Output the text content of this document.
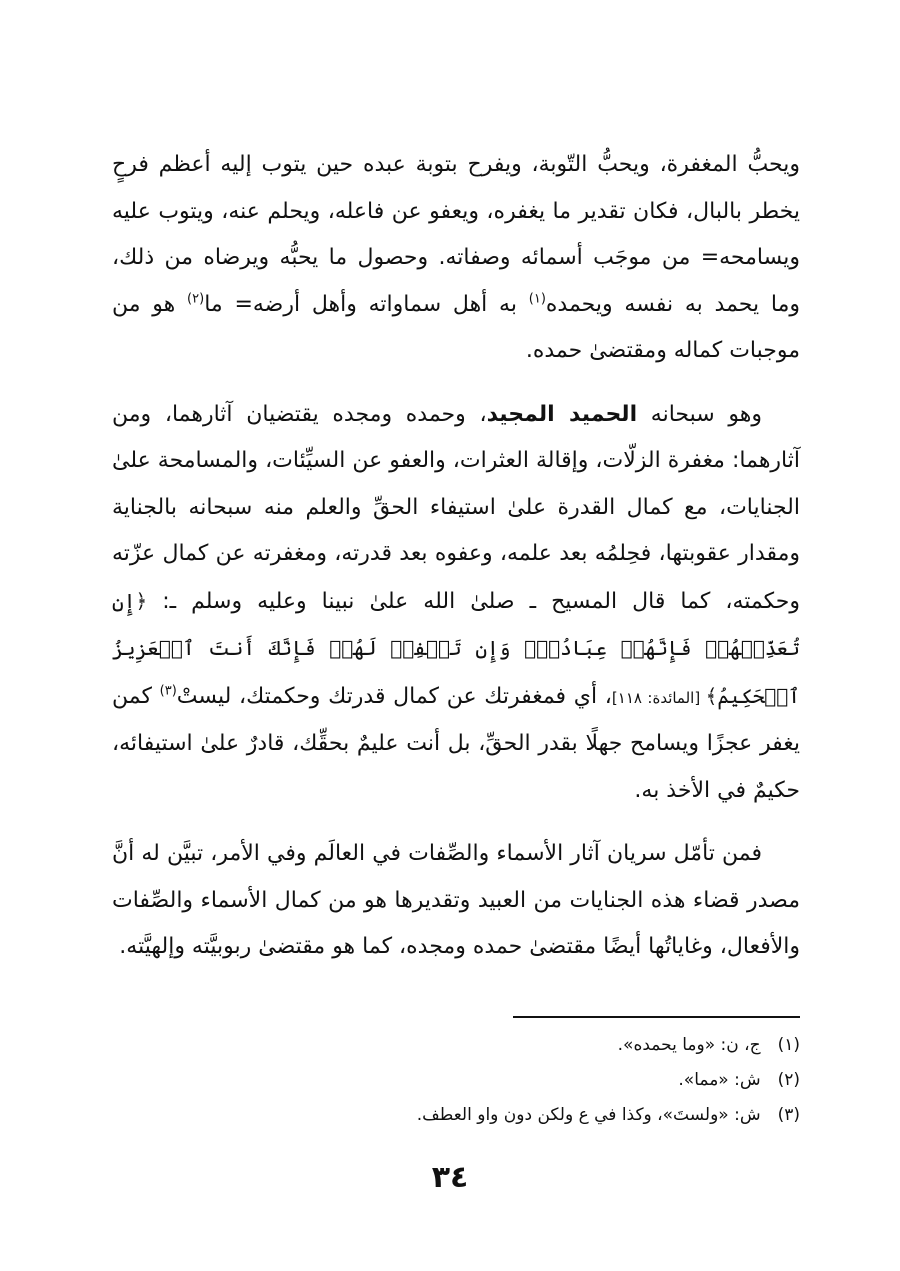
ويحبُّ المغفرة، ويحبُّ التّوبة، ويفرح بتوبة عبده حين يتوب إليه أعظم فرحٍ يخطر بالبال، فكان تقدير ما يغفره، ويعفو عن فاعله، ويحلم عنه، ويتوب عليه ويسامحه= من موجَب أسمائه وصفاته. وحصول ما يحبُّه ويرضاه من ذلك، وما يحمد به نفسه ويحمده$^{(١)}$ به أهل سماواته وأهل أرضه= ما$^{(٢)}$ هو من موجبات كماله ومقتضىٰ حمده.

وهو سبحانه الحميد المجيد، وحمده ومجده يقتضيان آثارهما، ومن آثارهما: مغفرة الزلّات، وإقالة العثرات، والعفو عن السيِّئات، والمسامحة علىٰ الجنايات، مع كمال القدرة علىٰ استيفاء الحقِّ والعلم منه سبحانه بالجناية ومقدار عقوبتها، فحِلمُه بعد علمه، وعفوه بعد قدرته، ومغفرته عن كمال عزّته وحكمته، كما قال المسيح ـ صلىٰ الله علىٰ نبينا وعليه وسلم ـ: ﴿إِن تُعَذِّبۡهُمۡ فَإِنَّهُمۡ عِبَادُكَۖ وَإِن تَغۡفِرۡ لَهُمۡ فَإِنَّكَ أَنتَ ٱلۡعَزِيزُ ٱلۡحَكِيمُ﴾ [المائدة: ١١٨]، أي فمغفرتك عن كمال قدرتك وحكمتك، ليستْ$^{(٣)}$ كمن يغفر عجزًا ويسامح جهلًا بقدر الحقِّ، بل أنت عليمٌ بحقِّك، قادرٌ علىٰ استيفائه، حكيمٌ في الأخذ به.

فمن تأمّل سريان آثار الأسماء والصِّفات في العالَم وفي الأمر، تبيَّن له أنَّ مصدر قضاء هذه الجنايات من العبيد وتقديرها هو من كمال الأسماء والصِّفات والأفعال، وغاياتُها أيضًا مقتضىٰ حمده ومجده، كما هو مقتضىٰ ربوبيَّته وإلهيَّته.

(١) ج، ن: «وما يحمده».
(٢) ش: «مما».
(٣) ش: «ولستَ»، وكذا في ع ولكن دون واو العطف.
٣٤
